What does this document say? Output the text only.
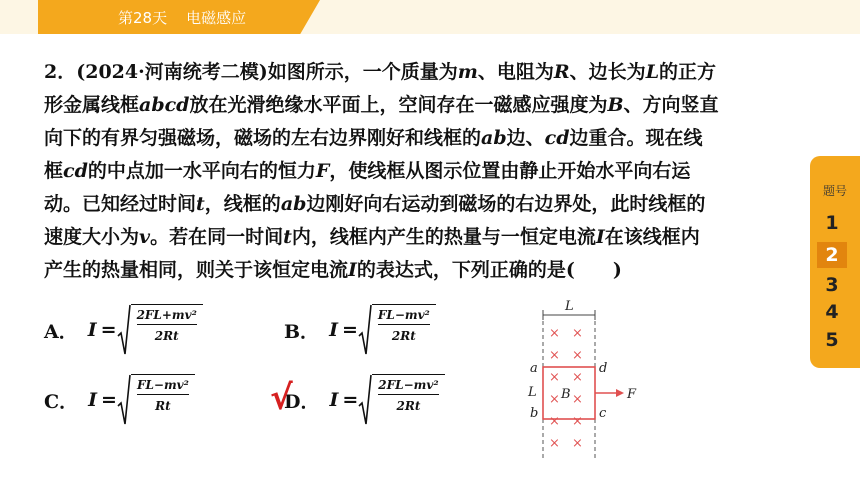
第28天    电磁感应

2．(2024·河南统考二模)如图所示，一个质量为m、电阻为R、边长为L的正方

形金属线框abcd放在光滑绝缘水平面上，空间存在一磁感应强度为B、方向竖直

向下的有界匀强磁场，磁场的左右边界刚好和线框的ab边、cd边重合。现在线

框cd的中点加一水平向右的恒力F，使线框从图示位置由静止开始水平向右运

动。已知经过时间t，线框的ab边刚好向右运动到磁场的右边界处，此时线框的

速度大小为v。若在同一时间t内，线框内产生的热量与一恒定电流I在该线框内

产生的热量相同，则关于该恒定电流I的表达式，下列正确的是(　　)

A． $I = \frac{\text{2FL+mv²}}{2Rt}$	B． $I = \frac{\text{FL−mv²}}{2Rt}$
C． $I = \frac{\text{FL−mv²}}{Rt}$	D． $I = \frac{\text{2FL−mv²}}{2Rt}$
√
L
× ×
× ×
× ×
× ×
× ×
× ×
B
a
b
d
c
L	F
题号
1
2
3
4
5
